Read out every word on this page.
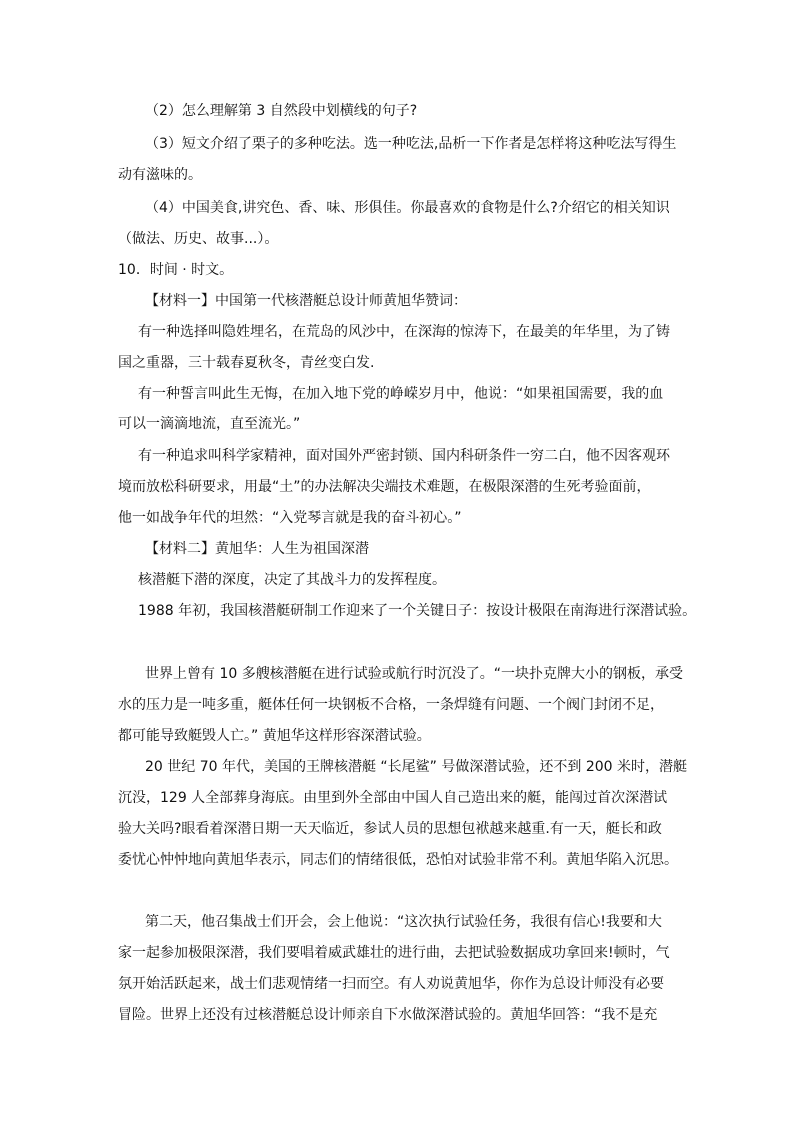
（2）怎么理解第 3 自然段中划横线的句子?
（3）短文介绍了栗子的多种吃法。选一种吃法,品析一下作者是怎样将这种吃法写得生
动有滋味的。
（4）中国美食,讲究色、香、味、形俱佳。你最喜欢的食物是什么?介绍它的相关知识
（做法、历史、故事...）。
10．时间 · 时文。
【材料一】中国第一代核潜艇总设计师黄旭华赞词：
有一种选择叫隐姓埋名，在荒岛的风沙中，在深海的惊涛下，在最美的年华里，为了铸
国之重器，三十载春夏秋冬，青丝变白发.
有一种誓言叫此生无悔，在加入地下党的峥嵘岁月中，他说：“如果祖国需要，我的血
可以一滴滴地流，直至流光。”
有一种追求叫科学家精神，面对国外严密封锁、国内科研条件一穷二白，他不因客观环
境而放松科研要求，用最“土”的办法解决尖端技术难题，在极限深潜的生死考验面前，
他一如战争年代的坦然：“入党琴言就是我的奋斗初心。”
【材料二】黄旭华：人生为祖国深潜
核潜艇下潜的深度，决定了其战斗力的发挥程度。
1988 年初，我国核潜艇研制工作迎来了一个关键日子：按设计极限在南海进行深潜试验。
世界上曾有 10 多艘核潜艇在进行试验或航行时沉没了。“一块扑克牌大小的钢板，承受
水的压力是一吨多重，艇体任何一块钢板不合格，一条焊缝有问题、一个阀门封闭不足，
都可能导致艇毁人亡。” 黄旭华这样形容深潜试验。
20 世纪 70 年代，美国的王牌核潜艇 “长尾鲨” 号做深潜试验，还不到 200 米时，潜艇
沉没，129 人全部葬身海底。由里到外全部由中国人自己造出来的艇，能闯过首次深潜试
验大关吗?眼看着深潜日期一天天临近，参试人员的思想包袱越来越重.有一天，艇长和政
委忧心忡忡地向黄旭华表示，同志们的情绪很低，恐怕对试验非常不利。黄旭华陷入沉思。
第二天，他召集战士们开会，会上他说：“这次执行试验任务，我很有信心!我要和大
家一起参加极限深潜，我们要唱着威武雄壮的进行曲，去把试验数据成功拿回来!顿时，气
氛开始活跃起来，战士们悲观情绪一扫而空。有人劝说黄旭华，你作为总设计师没有必要
冒险。世界上还没有过核潜艇总设计师亲自下水做深潜试验的。黄旭华回答：“我不是充
